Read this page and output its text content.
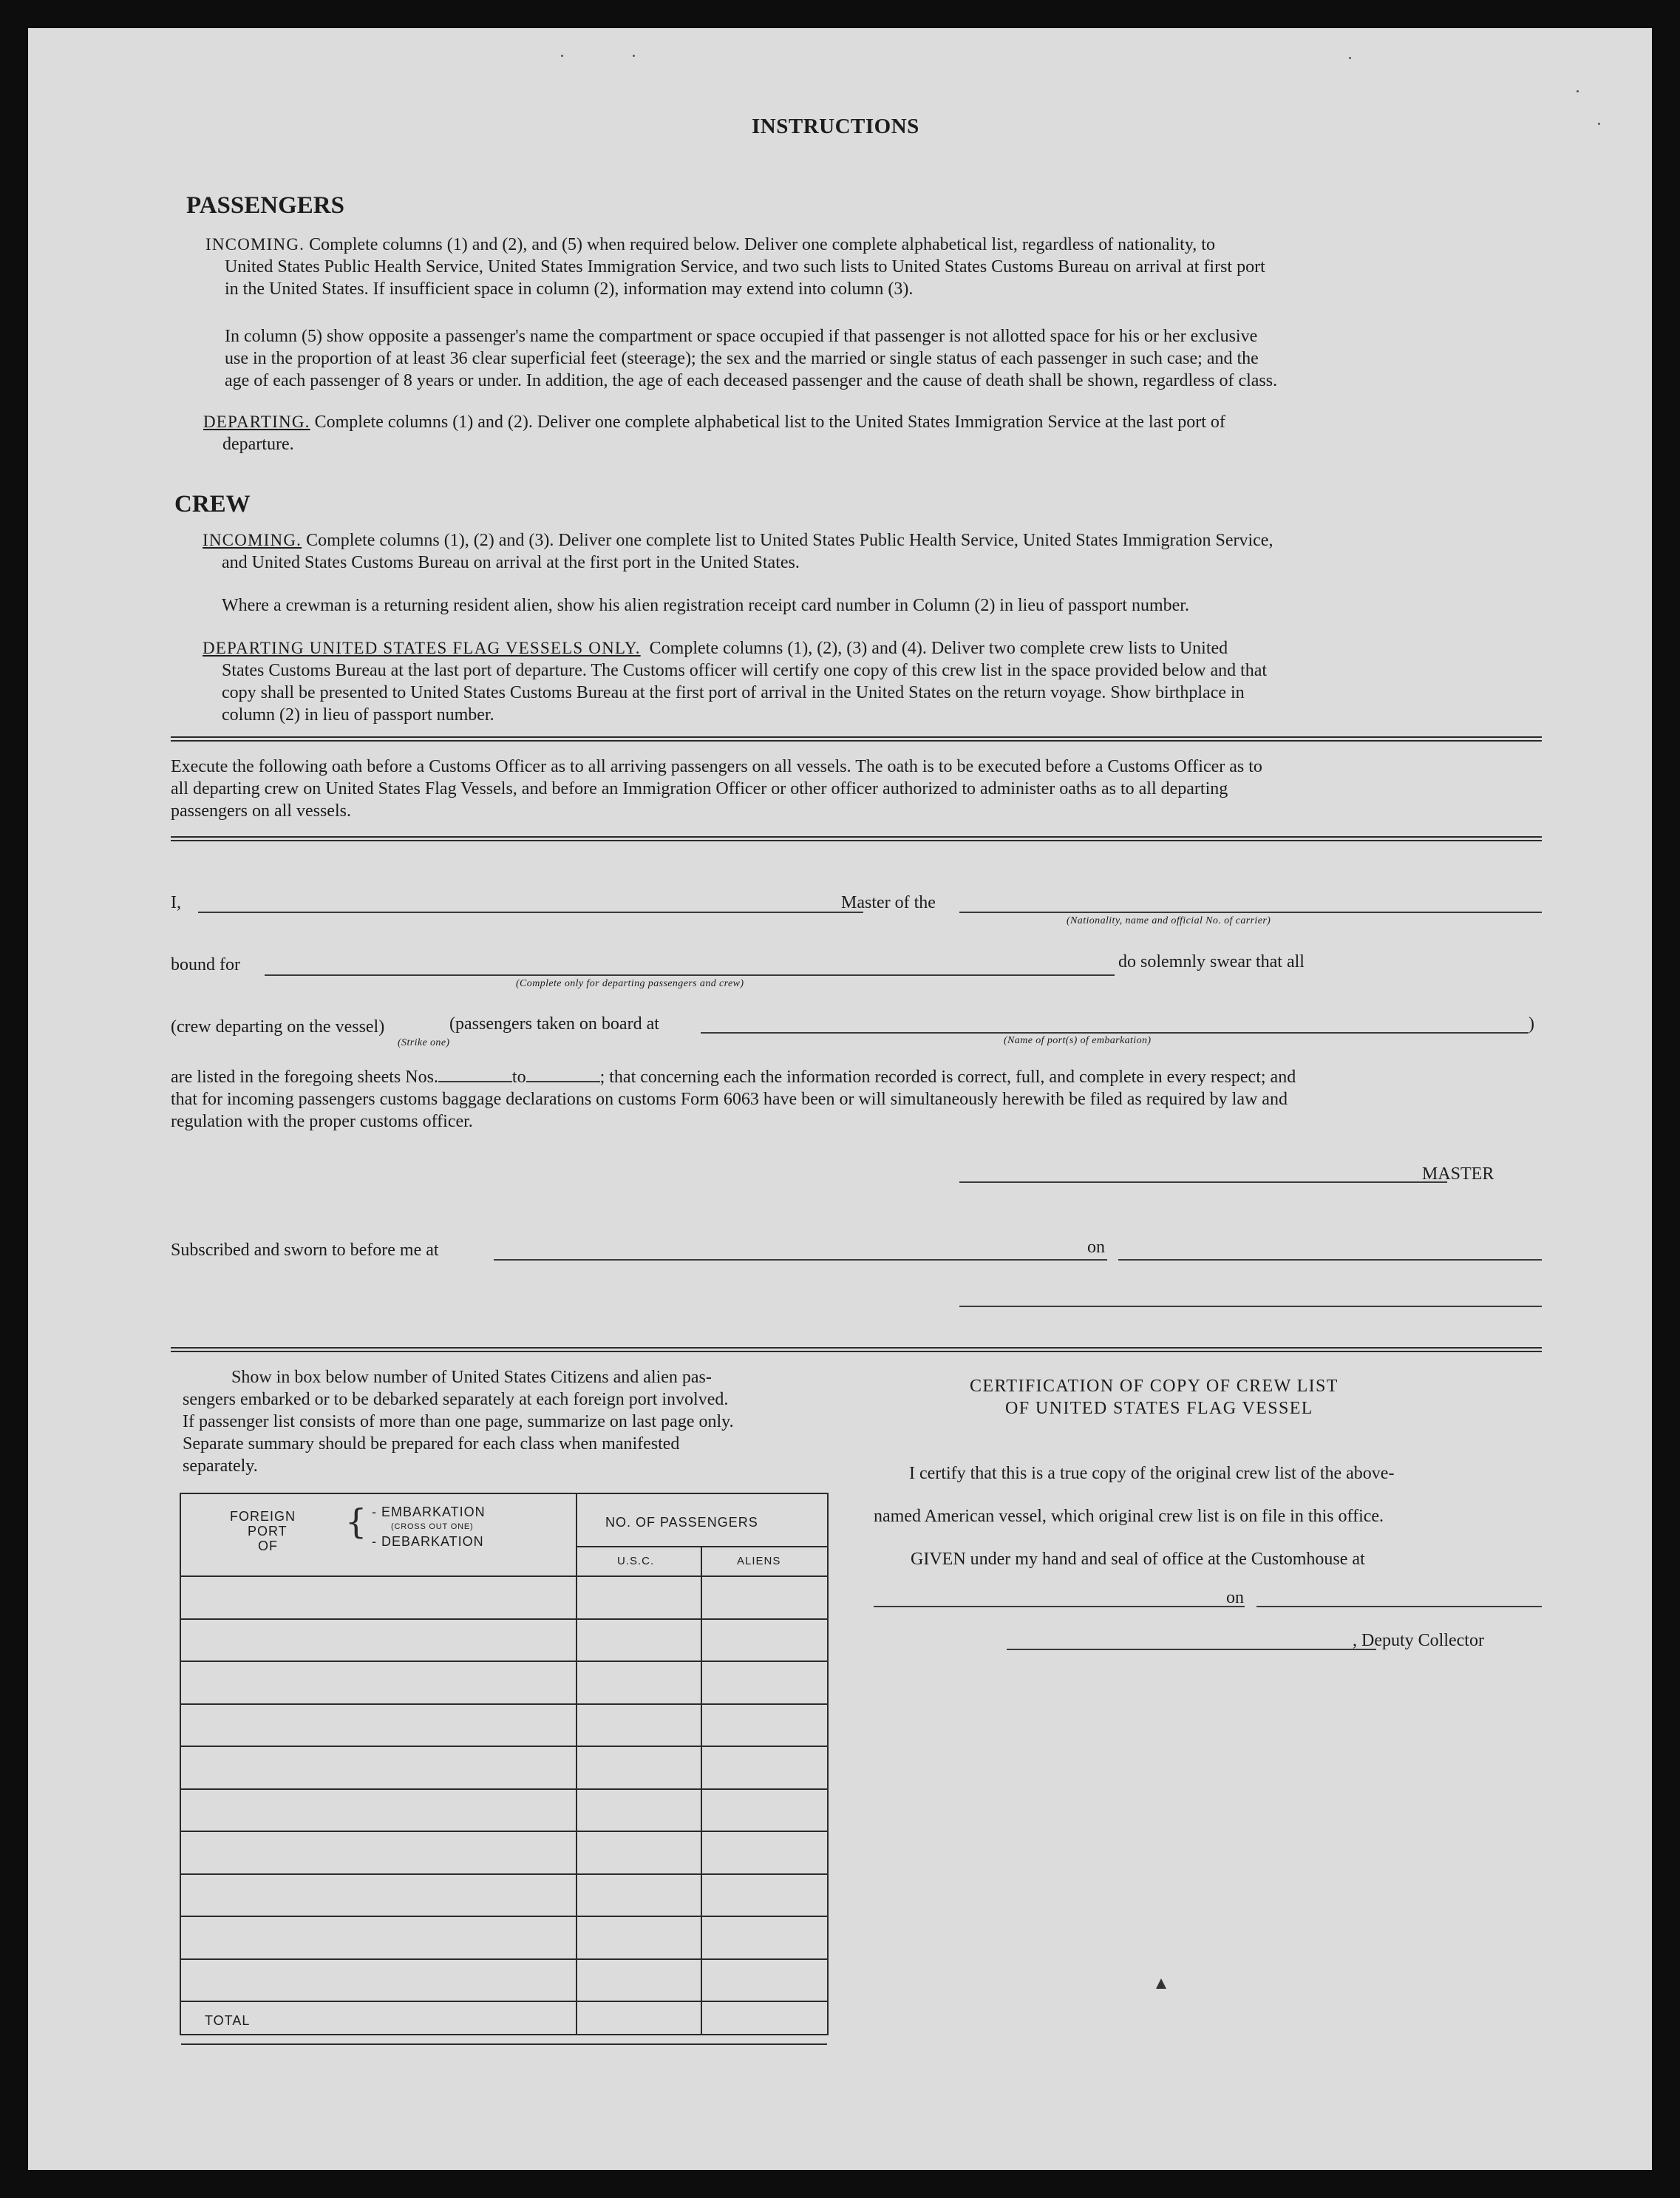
INSTRUCTIONS
PASSENGERS
INCOMING. Complete columns (1) and (2), and (5) when required below. Deliver one complete alphabetical list, regardless of nationality, to
United States Public Health Service, United States Immigration Service, and two such lists to United States Customs Bureau on arrival at first port
in the United States. If insufficient space in column (2), information may extend into column (3).
In column (5) show opposite a passenger's name the compartment or space occupied if that passenger is not allotted space for his or her exclusive
use in the proportion of at least 36 clear superficial feet (steerage); the sex and the married or single status of each passenger in such case; and the
age of each passenger of 8 years or under. In addition, the age of each deceased passenger and the cause of death shall be shown, regardless of class.
DEPARTING. Complete columns (1) and (2). Deliver one complete alphabetical list to the United States Immigration Service at the last port of
departure.
CREW
INCOMING. Complete columns (1), (2) and (3). Deliver one complete list to United States Public Health Service, United States Immigration Service,
and United States Customs Bureau on arrival at the first port in the United States.
Where a crewman is a returning resident alien, show his alien registration receipt card number in Column (2) in lieu of passport number.
DEPARTING UNITED STATES FLAG VESSELS ONLY. Complete columns (1), (2), (3) and (4). Deliver two complete crew lists to United
States Customs Bureau at the last port of departure. The Customs officer will certify one copy of this crew list in the space provided below and that
copy shall be presented to United States Customs Bureau at the first port of arrival in the United States on the return voyage. Show birthplace in
column (2) in lieu of passport number.
Execute the following oath before a Customs Officer as to all arriving passengers on all vessels. The oath is to be executed before a Customs Officer as to
all departing crew on United States Flag Vessels, and before an Immigration Officer or other officer authorized to administer oaths as to all departing
passengers on all vessels.
I,	Master of the
(Nationality, name and official No. of carrier)
bound for
(Complete only for departing passengers and crew)
do solemnly swear that all
(crew departing on the vessel)	(passengers taken on board at
(Strike one)	(Name of port(s) of embarkation)
)
are listed in the foregoing sheets Nos.	to	; that concerning each the information recorded is correct, full, and complete in every respect; and
that for incoming passengers customs baggage declarations on customs Form 6063 have been or will simultaneously herewith be filed as required by law and
regulation with the proper customs officer.
MASTER
Subscribed and sworn to before me at	on
Show in box below number of United States Citizens and alien pas-
sengers embarked or to be debarked separately at each foreign port involved.
If passenger list consists of more than one page, summarize on last page only.
Separate summary should be prepared for each class when manifested
separately.
FOREIGN
PORT
OF
{ - EMBARKATION
(CROSS OUT ONE)
- DEBARKATION
NO. OF PASSENGERS
U.S.C.	ALIENS
TOTAL
CERTIFICATION OF COPY OF CREW LIST
OF UNITED STATES FLAG VESSEL
I certify that this is a true copy of the original crew list of the above-
named American vessel, which original crew list is on file in this office.
GIVEN under my hand and seal of office at the Customhouse at
on
, Deputy Collector
